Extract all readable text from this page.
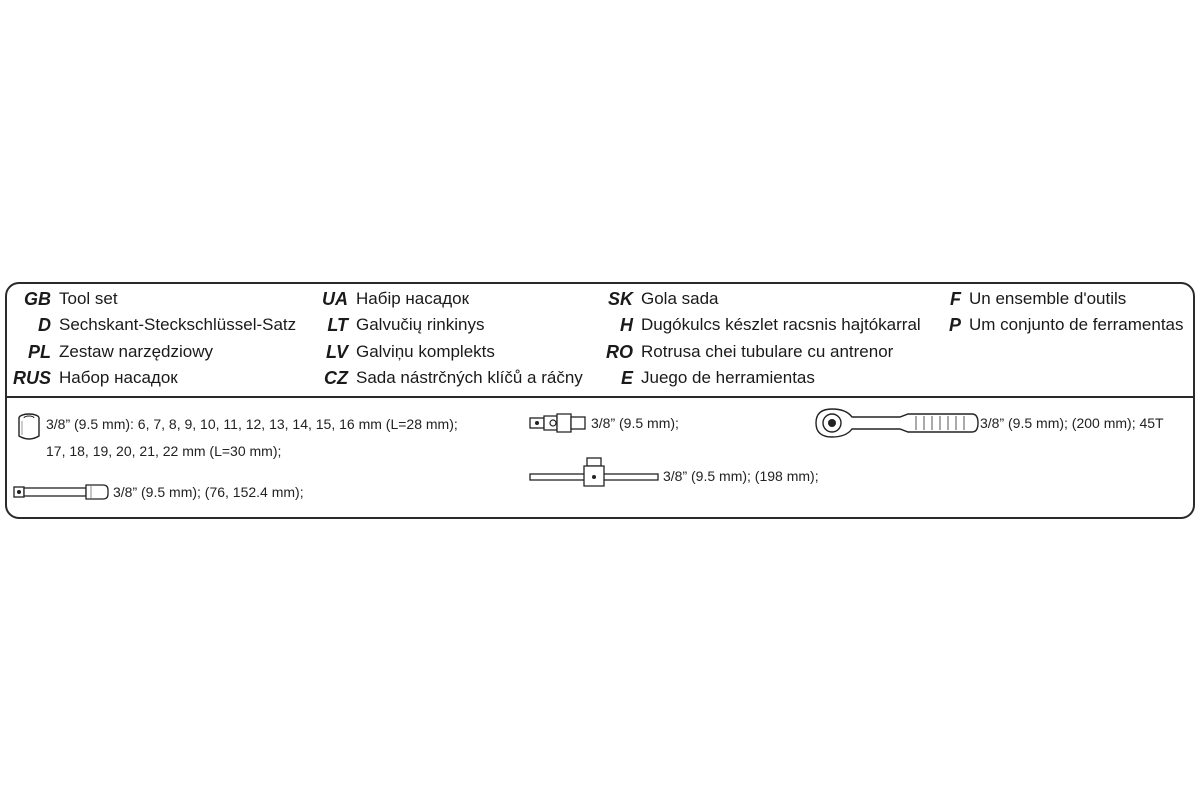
GB Tool set
D Sechskant-Steckschlüssel-Satz
PL Zestaw narzędziowy
RUS Набор насадок
UA Набір насадок
LT Galvučių rinkinys
LV Galviņu komplekts
CZ Sada nástrčných klíčů a ráčny
SK Gola sada
H Dugókulcs készlet racsnis hajtókarral
RO Rotrusa chei tubulare cu antrenor
E Juego de herramientas
F Un ensemble d'outils
P Um conjunto de ferramentas
3/8” (9.5 mm): 6, 7, 8, 9, 10, 11, 12, 13, 14, 15, 16 mm (L=28 mm);
17, 18, 19, 20, 21, 22 mm (L=30 mm);
3/8” (9.5 mm); (76, 152.4 mm);
3/8” (9.5 mm);
3/8” (9.5 mm); (198 mm);
3/8” (9.5 mm); (200 mm); 45T
